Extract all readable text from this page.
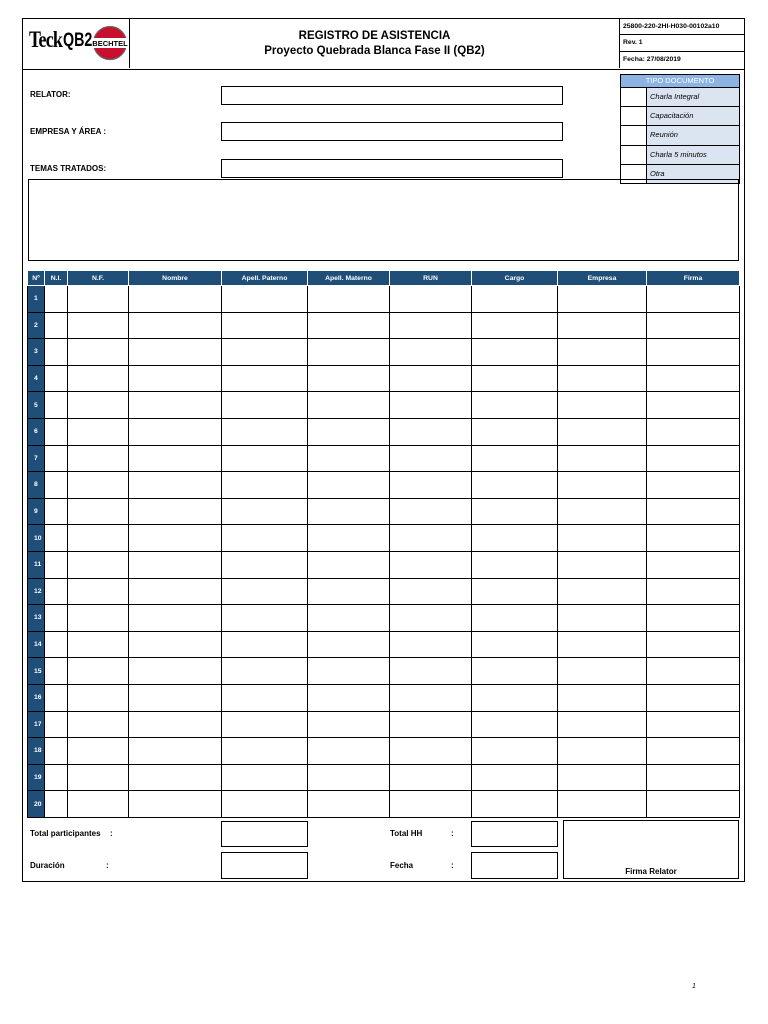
Teck QB2 BECHTEL
REGISTRO DE ASISTENCIA
Proyecto Quebrada Blanca Fase II (QB2)
25800-220-2HI-H030-00102a10
Rev. 1
Fecha: 27/08/2019
RELATOR:
EMPRESA Y ÁREA :
TEMAS TRATADOS:
TIPO DOCUMENTO
Charla Integral
Capacitación
Reunión
Charla 5 minutos
Otra
Nº	N.I.	N.F.	Nombre	Apell. Paterno	Apell. Materno	RUN	Cargo	Empresa	Firma
1									
2									
3									
4									
5									
6									
7									
8									
9									
10									
11									
12									
13									
14									
15									
16									
17									
18									
19									
20									
Total participantes :
Duración	:
Total HH	:
Fecha	:
Firma Relator
1
